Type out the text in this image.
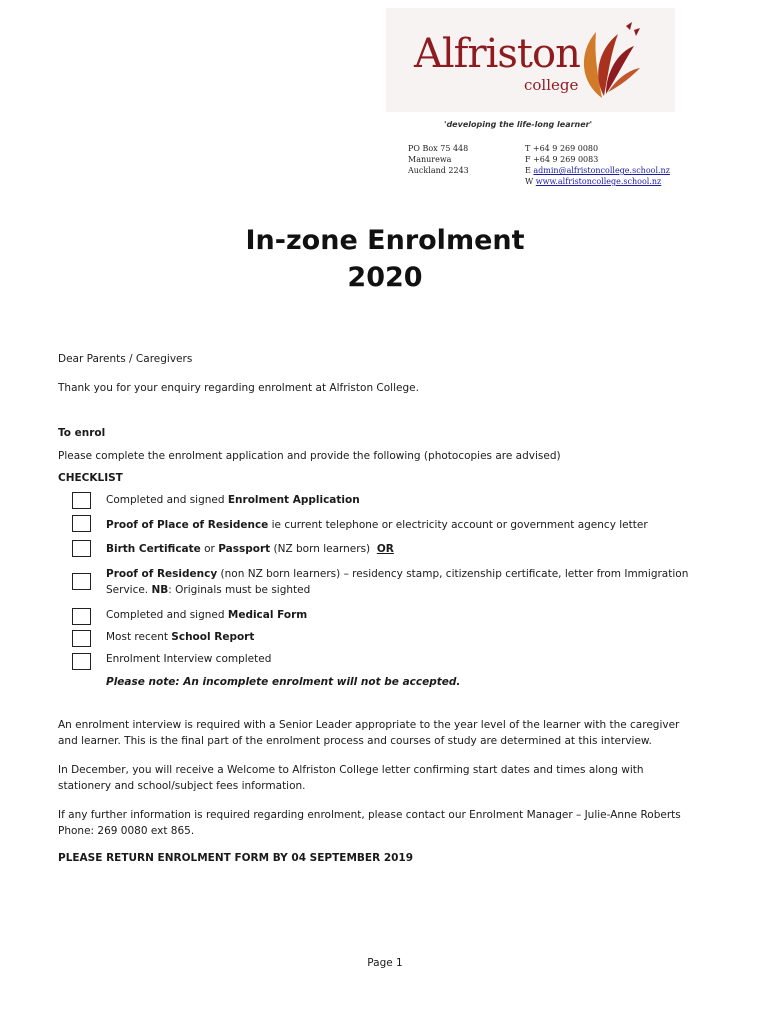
Alfriston
college
'developing the life-long learner'
PO Box 75 448
Manurewa
Auckland 2243
T +64 9 269 0080
F +64 9 269 0083
E admin@alfristoncollege.school.nz
W www.alfristoncollege.school.nz
In-zone Enrolment
2020
Dear Parents / Caregivers
Thank you for your enquiry regarding enrolment at Alfriston College.
To enrol
Please complete the enrolment application and provide the following (photocopies are advised)
CHECKLIST
Completed and signed Enrolment Application
Proof of Place of Residence ie current telephone or electricity account or government agency letter
Birth Certificate or Passport (NZ born learners)  OR
Proof of Residency (non NZ born learners) – residency stamp, citizenship certificate, letter from Immigration
Service. NB: Originals must be sighted
Completed and signed Medical Form
Most recent School Report
Enrolment Interview completed
Please note: An incomplete enrolment will not be accepted.
An enrolment interview is required with a Senior Leader appropriate to the year level of the learner with the caregiver
and learner. This is the final part of the enrolment process and courses of study are determined at this interview.
In December, you will receive a Welcome to Alfriston College letter confirming start dates and times along with
stationery and school/subject fees information.
If any further information is required regarding enrolment, please contact our Enrolment Manager – Julie-Anne Roberts
Phone: 269 0080 ext 865.
PLEASE RETURN ENROLMENT FORM BY 04 SEPTEMBER 2019
Page 1
